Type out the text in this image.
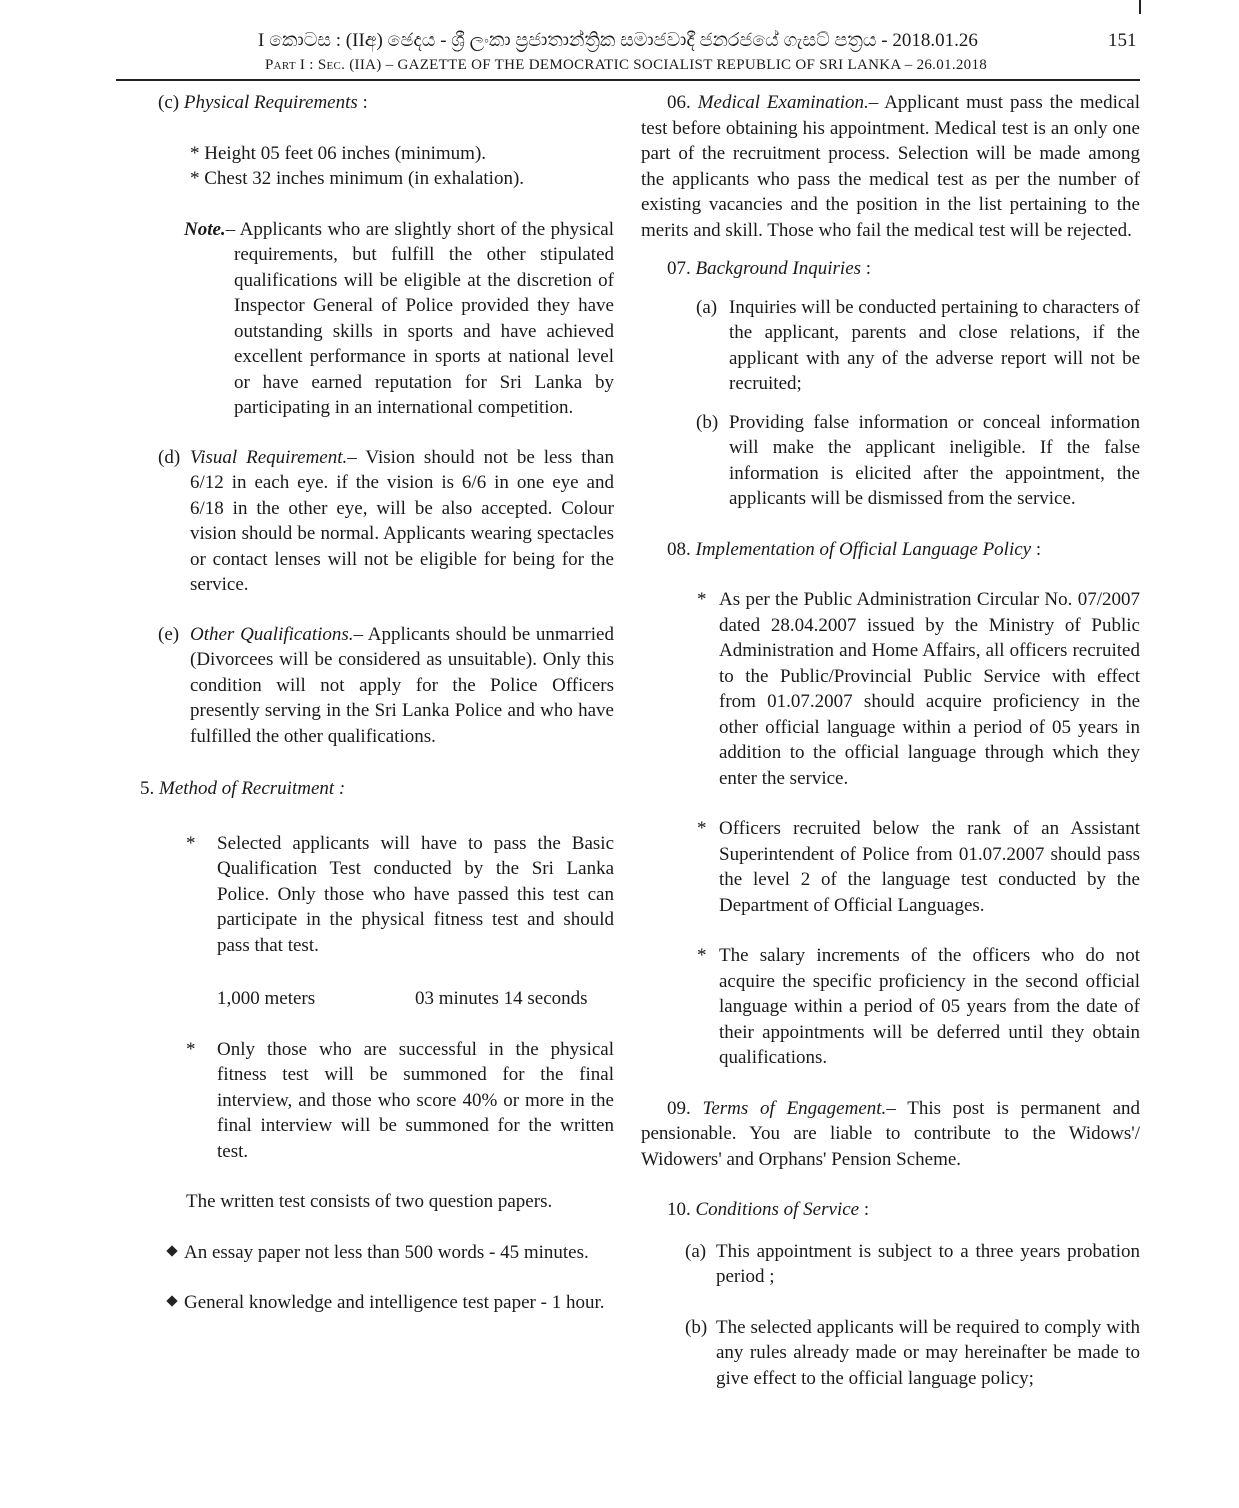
I කොටස : (IIඅ) ඡෙදය - ශ්‍රී ලංකා ප්‍රජාතාන්ත්‍රික සමාජවාදී ජනරජයේ ගැසට් පත්‍රය - 2018.01.26	151
Part I : Sec. (IIA) – GAZETTE OF THE DEMOCRATIC SOCIALIST REPUBLIC OF SRI LANKA – 26.01.2018

(c) Physical Requirements :

* Height 05 feet 06 inches (minimum).

* Chest 32 inches minimum (in exhalation).

Note.– Applicants who are slightly short of the physical requirements, but fulfill the other stipulated qualifications will be eligible at the discretion of Inspector General of Police provided they have outstanding skills in sports and have achieved excellent performance in sports at national level or have earned reputation for Sri Lanka by participating in an international competition.

(d) Visual Requirement.– Vision should not be less than 6/12 in each eye. if the vision is 6/6 in one eye and 6/18 in the other eye, will be also accepted. Colour vision should be normal. Applicants wearing spectacles or contact lenses will not be eligible for being for the service.

(e) Other Qualifications.– Applicants should be unmarried (Divorcees will be considered as unsuitable). Only this condition will not apply for the Police Officers presently serving in the Sri Lanka Police and who have fulfilled the other qualifications.

5. Method of Recruitment :

*	Selected applicants will have to pass the Basic Qualification Test conducted by the Sri Lanka Police. Only those who have passed this test can participate in the physical fitness test and should pass that test.

1,000 meters	03 minutes 14 seconds
*	Only those who are successful in the physical fitness test will be summoned for the final interview, and those who score 40% or more in the final interview will be summoned for the written test.

The written test consists of two question papers.

An essay paper not less than 500 words - 45 minutes.

General knowledge and intelligence test paper - 1 hour.

06. Medical Examination.– Applicant must pass the medical test before obtaining his appointment. Medical test is an only one part of the recruitment process. Selection will be made among the applicants who pass the medical test as per the number of existing vacancies and the position in the list pertaining to the merits and skill. Those who fail the medical test will be rejected.

07. Background Inquiries :

(a) Inquiries will be conducted pertaining to characters of the applicant, parents and close relations, if the applicant with any of the adverse report will not be recruited;

(b) Providing false information or conceal information will make the applicant ineligible. If the false information is elicited after the appointment, the applicants will be dismissed from the service.

08. Implementation of Official Language Policy :

* As per the Public Administration Circular No. 07/2007 dated 28.04.2007 issued by the Ministry of Public Administration and Home Affairs, all officers recruited to the Public/Provincial Public Service with effect from 01.07.2007 should acquire proficiency in the other official language within a period of 05 years in addition to the official language through which they enter the service.

* Officers recruited below the rank of an Assistant Superintendent of Police from 01.07.2007 should pass the level 2 of the language test conducted by the Department of Official Languages.

* The salary increments of the officers who do not acquire the specific proficiency in the second official language within a period of 05 years from the date of their appointments will be deferred until they obtain qualifications.

09. Terms of Engagement.– This post is permanent and pensionable. You are liable to contribute to the Widows'/ Widowers' and Orphans' Pension Scheme.

10. Conditions of Service :

(a) This appointment is subject to a three years probation period ;

(b) The selected applicants will be required to comply with any rules already made or may hereinafter be made to give effect to the official language policy;
